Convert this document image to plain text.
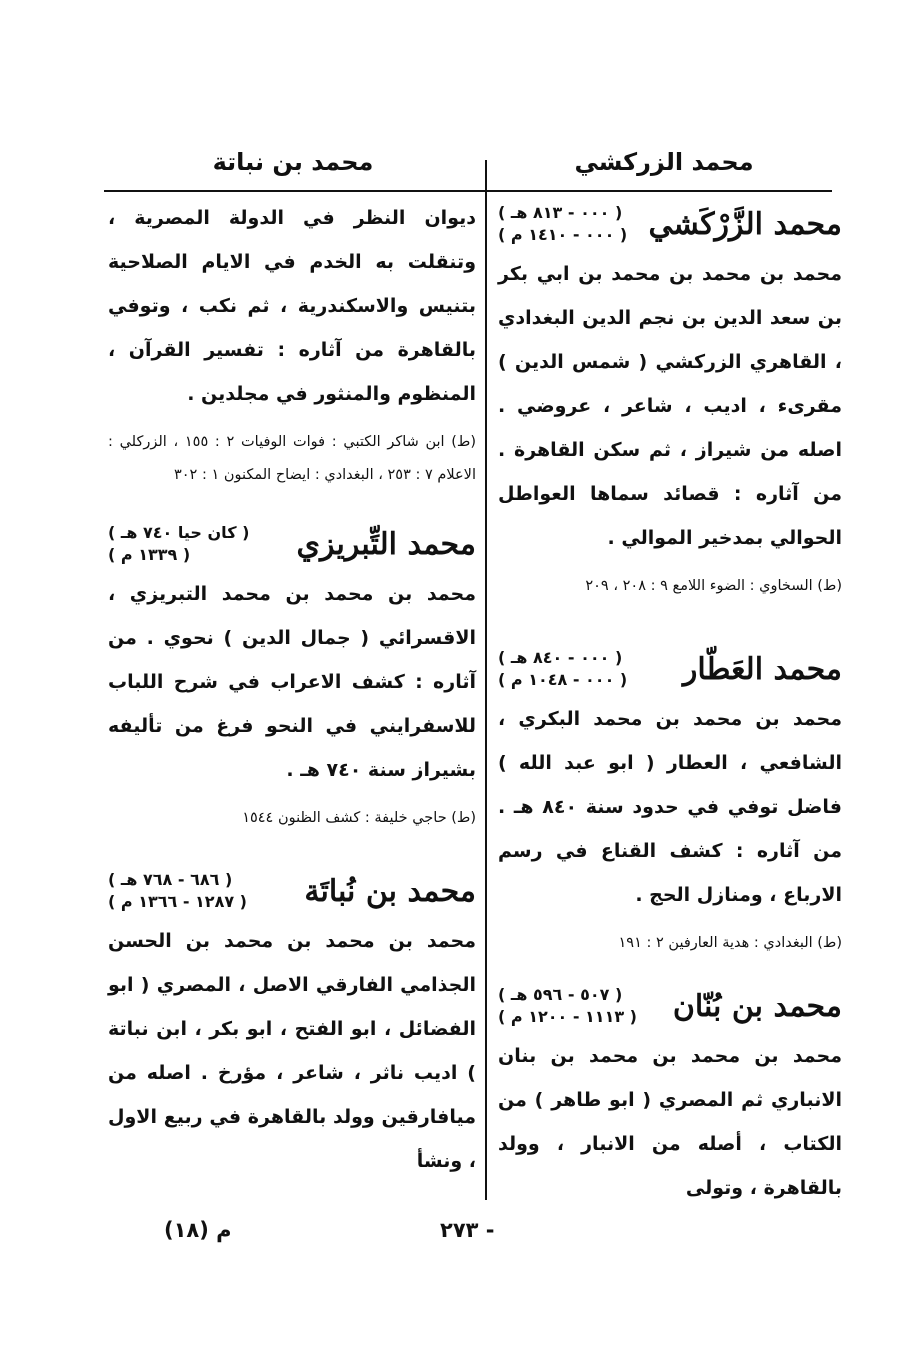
محمد الزركشي
محمد بن نباتة
محمد الزَّرْكَشي
( ٠٠٠ - ٨١٣ هـ )
( ٠٠٠ - ١٤١٠ م )
محمد بن محمد بن محمد بن ابي بكر بن سعد الدين بن نجم الدين البغدادي ، القاهري الزركشي ( شمس الدين ) مقرىء ، اديب ، شاعر ، عروضي . اصله من شيراز ، ثم سكن القاهرة . من آثاره : قصائد سماها العواطل الحوالي بمدخير الموالي .
(ط) السخاوي : الضوء اللامع ٩ : ٢٠٨ ، ٢٠٩
محمد العَطّار
( ٠٠٠ - ٨٤٠ هـ )
( ٠٠٠ - ١٠٤٨ م )
محمد بن محمد بن محمد البكري ، الشافعي ، العطار ( ابو عبد الله ) فاضل توفي في حدود سنة ٨٤٠ هـ . من آثاره : كشف القناع في رسم الارباع ، ومنازل الحج .
(ط) البغدادي : هدية العارفين ٢ : ١٩١
محمد بن بُنّان
( ٥٠٧ - ٥٩٦ هـ )
( ١١١٣ - ١٢٠٠ م )
محمد بن محمد بن محمد بن بنان الانباري ثم المصري ( ابو طاهر ) من الكتاب ، أصله من الانبار ، وولد بالقاهرة ، وتولى
ديوان النظر في الدولة المصرية ، وتنقلت به الخدم في الايام الصلاحية بتنيس والاسكندرية ، ثم نكب ، وتوفي بالقاهرة من آثاره : تفسير القرآن ، المنظوم والمنثور في مجلدين .
(ط) ابن شاكر الكتبي : فوات الوفيات ٢ : ١٥٥ ، الزركلي : الاعلام ٧ : ٢٥٣ ، البغدادي : ايضاح المكنون ١ : ٣٠٢
محمد التِّبريزي
( كان حيا ٧٤٠ هـ )
( ١٣٣٩ م )
محمد بن محمد بن محمد التبريزي ، الاقسرائي ( جمال الدين ) نحوي . من آثاره : كشف الاعراب في شرح اللباب للاسفرايني في النحو فرغ من تأليفه بشيراز سنة ٧٤٠ هـ .
(ط) حاجي خليفة : كشف الظنون ١٥٤٤
محمد بن نُباتَة
( ٦٨٦ - ٧٦٨ هـ )
( ١٢٨٧ - ١٣٦٦ م )
محمد بن محمد بن محمد بن الحسن الجذامي الفارقي الاصل ، المصري ( ابو الفضائل ، ابو الفتح ، ابو بكر ، ابن نباتة ) اديب ناثر ، شاعر ، مؤرخ . اصله من ميافارقين وولد بالقاهرة في ربيع الاول ، ونشأ
- ٢٧٣
م (١٨)
